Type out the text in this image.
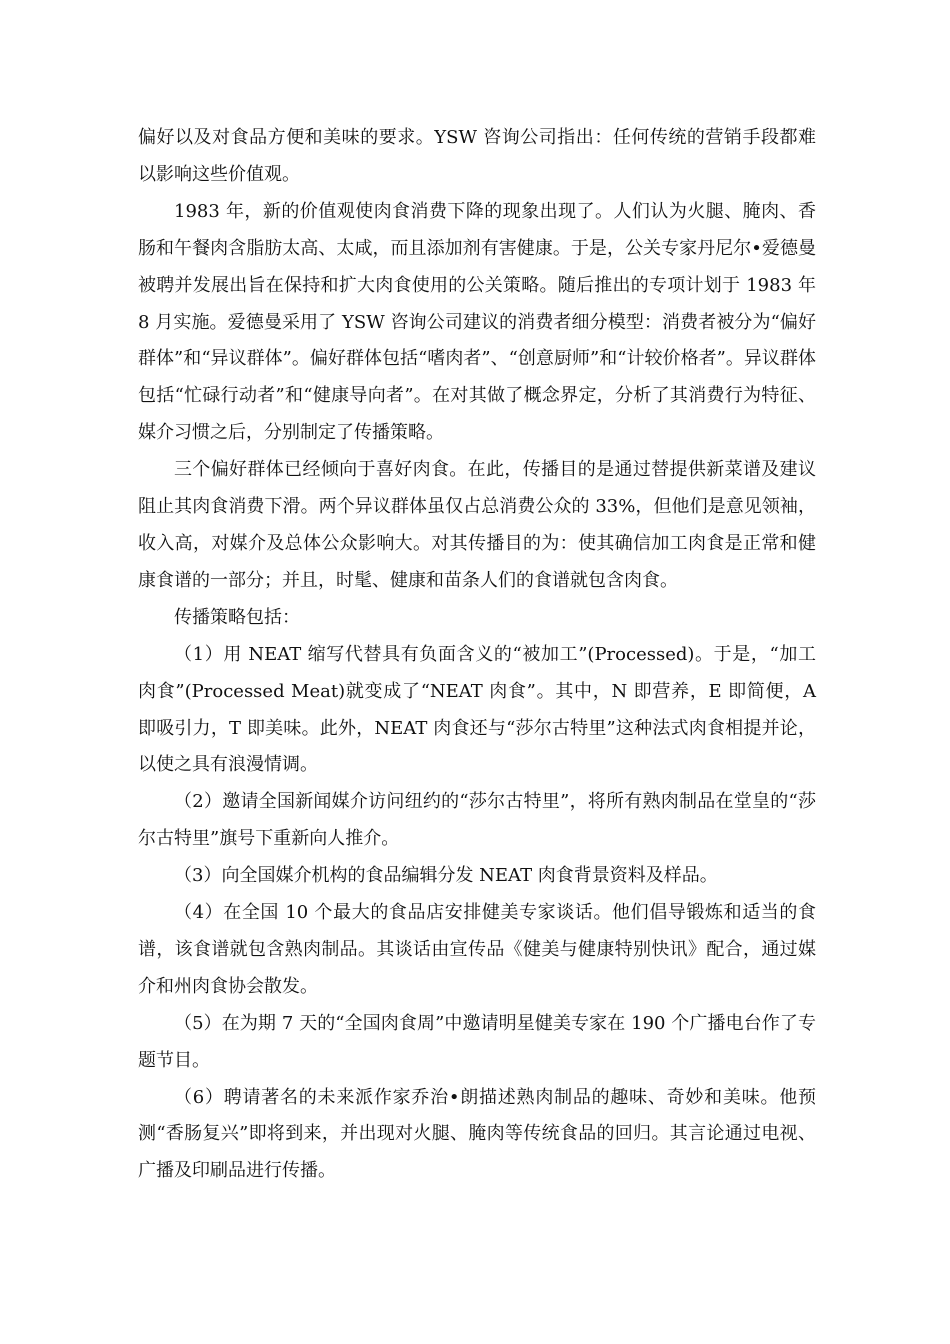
偏好以及对食品方便和美味的要求。YSW 咨询公司指出：任何传统的营销手段都难以影响这些价值观。

1983 年，新的价值观使肉食消费下降的现象出现了。人们认为火腿、腌肉、香肠和午餐肉含脂肪太高、太咸，而且添加剂有害健康。于是，公关专家丹尼尔•爱德曼被聘并发展出旨在保持和扩大肉食使用的公关策略。随后推出的专项计划于 1983 年 8 月实施。爱德曼采用了 YSW 咨询公司建议的消费者细分模型：消费者被分为“偏好群体”和“异议群体”。偏好群体包括“嗜肉者”、“创意厨师”和“计较价格者”。异议群体包括“忙碌行动者”和“健康导向者”。在对其做了概念界定，分析了其消费行为特征、媒介习惯之后，分别制定了传播策略。

三个偏好群体已经倾向于喜好肉食。在此，传播目的是通过替提供新菜谱及建议阻止其肉食消费下滑。两个异议群体虽仅占总消费公众的 33%，但他们是意见领袖，收入高，对媒介及总体公众影响大。对其传播目的为：使其确信加工肉食是正常和健康食谱的一部分；并且，时髦、健康和苗条人们的食谱就包含肉食。

传播策略包括：

（1）用 NEAT 缩写代替具有负面含义的“被加工”(Processed)。于是，“加工肉食”(Processed Meat)就变成了“NEAT 肉食”。其中，N 即营养，E 即简便，A 即吸引力，T 即美味。此外，NEAT 肉食还与“莎尔古特里”这种法式肉食相提并论，以使之具有浪漫情调。

（2）邀请全国新闻媒介访问纽约的“莎尔古特里”，将所有熟肉制品在堂皇的“莎尔古特里”旗号下重新向人推介。

（3）向全国媒介机构的食品编辑分发 NEAT 肉食背景资料及样品。

（4）在全国 10 个最大的食品店安排健美专家谈话。他们倡导锻炼和适当的食谱，该食谱就包含熟肉制品。其谈话由宣传品《健美与健康特别快讯》配合，通过媒介和州肉食协会散发。

（5）在为期 7 天的“全国肉食周”中邀请明星健美专家在 190 个广播电台作了专题节目。

（6）聘请著名的未来派作家乔治•朗描述熟肉制品的趣味、奇妙和美味。他预测“香肠复兴”即将到来，并出现对火腿、腌肉等传统食品的回归。其言论通过电视、广播及印刷品进行传播。
